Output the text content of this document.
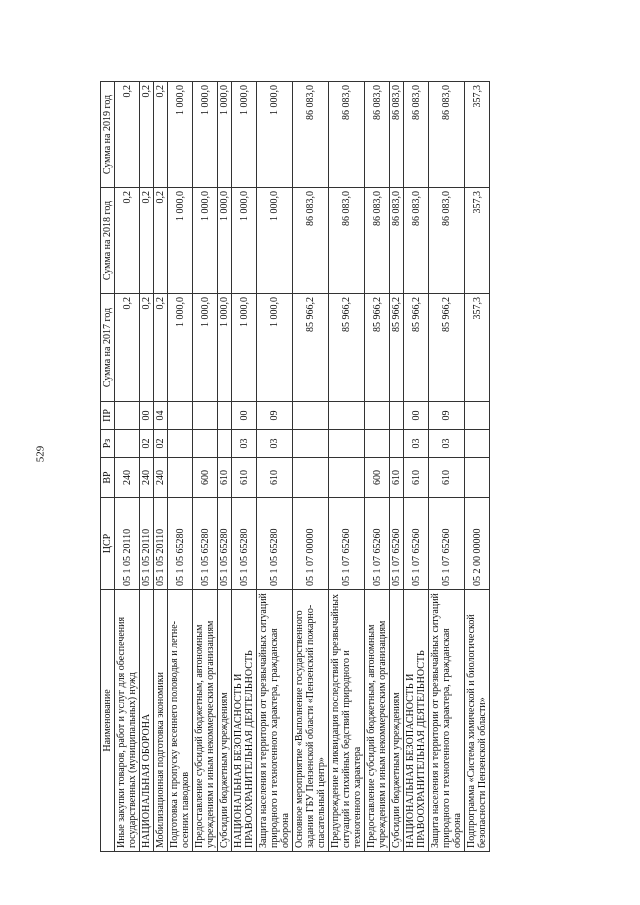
529
Наименование	ЦСР	ВР	Рз	ПР	Сумма на 2017 год	Сумма на 2018 год	Сумма на 2019 год
Иные закупки товаров, работ и услуг для обеспечения государственных (муниципальных) нужд	05 1 05 20110	240			0,2	0,2	0,2
НАЦИОНАЛЬНАЯ ОБОРОНА	05 1 05 20110	240	02	00	0,2	0,2	0,2
Мобилизационная подготовка экономики	05 1 05 20110	240	02	04	0,2	0,2	0,2
Подготовка к пропуску весеннего половодья и летне-осенних паводков	05 1 05 65280				1 000,0	1 000,0	1 000,0
Предоставление субсидий бюджетным, автономным учреждениям и иным некоммерческим организациям	05 1 05 65280	600			1 000,0	1 000,0	1 000,0
Субсидии бюджетным учреждениям	05 1 05 65280	610			1 000,0	1 000,0	1 000,0
НАЦИОНАЛЬНАЯ БЕЗОПАСНОСТЬ И ПРАВООХРАНИТЕЛЬНАЯ ДЕЯТЕЛЬНОСТЬ	05 1 05 65280	610	03	00	1 000,0	1 000,0	1 000,0
Защита населения и территории от чрезвычайных ситуаций природного и техногенного характера, гражданская оборона	05 1 05 65280	610	03	09	1 000,0	1 000,0	1 000,0
Основное мероприятие «Выполнение государственного задания ГБУ Пензенской области «Пензенский пожарно-спасательный центр»	05 1 07 00000				85 966,2	86 083,0	86 083,0
Предупреждение и ликвидация последствий чрезвычайных ситуаций и стихийных бедствий природного и техногенного характера	05 1 07 65260				85 966,2	86 083,0	86 083,0
Предоставление субсидий бюджетным, автономным учреждениям и иным некоммерческим организациям	05 1 07 65260	600			85 966,2	86 083,0	86 083,0
Субсидии бюджетным учреждениям	05 1 07 65260	610			85 966,2	86 083,0	86 083,0
НАЦИОНАЛЬНАЯ БЕЗОПАСНОСТЬ И ПРАВООХРАНИТЕЛЬНАЯ ДЕЯТЕЛЬНОСТЬ	05 1 07 65260	610	03	00	85 966,2	86 083,0	86 083,0
Защита населения и территории от чрезвычайных ситуаций природного и техногенного характера, гражданская оборона	05 1 07 65260	610	03	09	85 966,2	86 083,0	86 083,0
Подпрограмма «Система химической и биологической безопасности Пензенской области»	05 2 00 00000				357,3	357,3	357,3
